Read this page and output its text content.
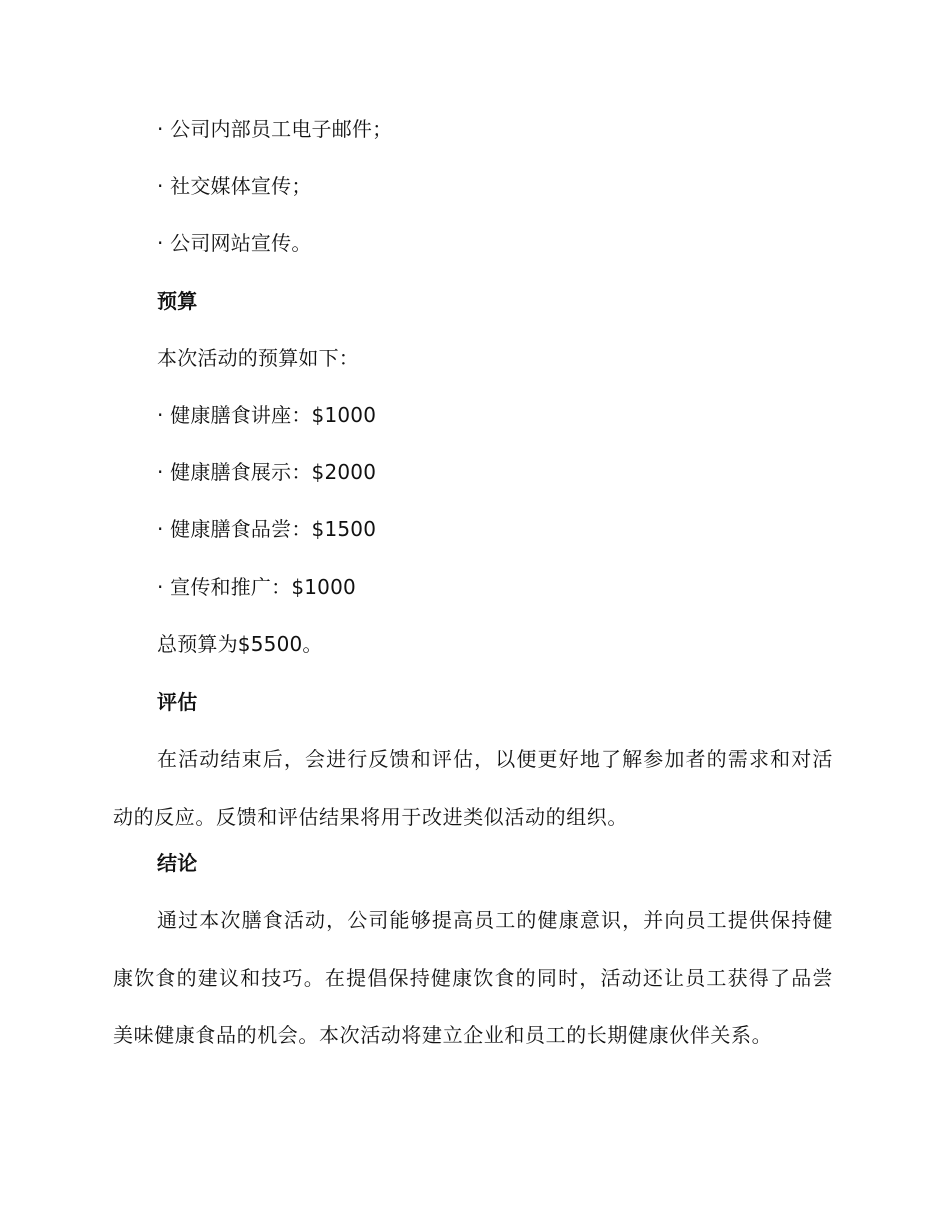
· 公司内部员工电子邮件；
· 社交媒体宣传；
· 公司网站宣传。
预算
本次活动的预算如下：
· 健康膳食讲座：$1000
· 健康膳食展示：$2000
· 健康膳食品尝：$1500
· 宣传和推广：$1000
总预算为$5500。
评估

在活动结束后，会进行反馈和评估，以便更好地了解参加者的需求和对活动的反应。反馈和评估结果将用于改进类似活动的组织。

结论

通过本次膳食活动，公司能够提高员工的健康意识，并向员工提供保持健康饮食的建议和技巧。在提倡保持健康饮食的同时，活动还让员工获得了品尝美味健康食品的机会。本次活动将建立企业和员工的长期健康伙伴关系。
